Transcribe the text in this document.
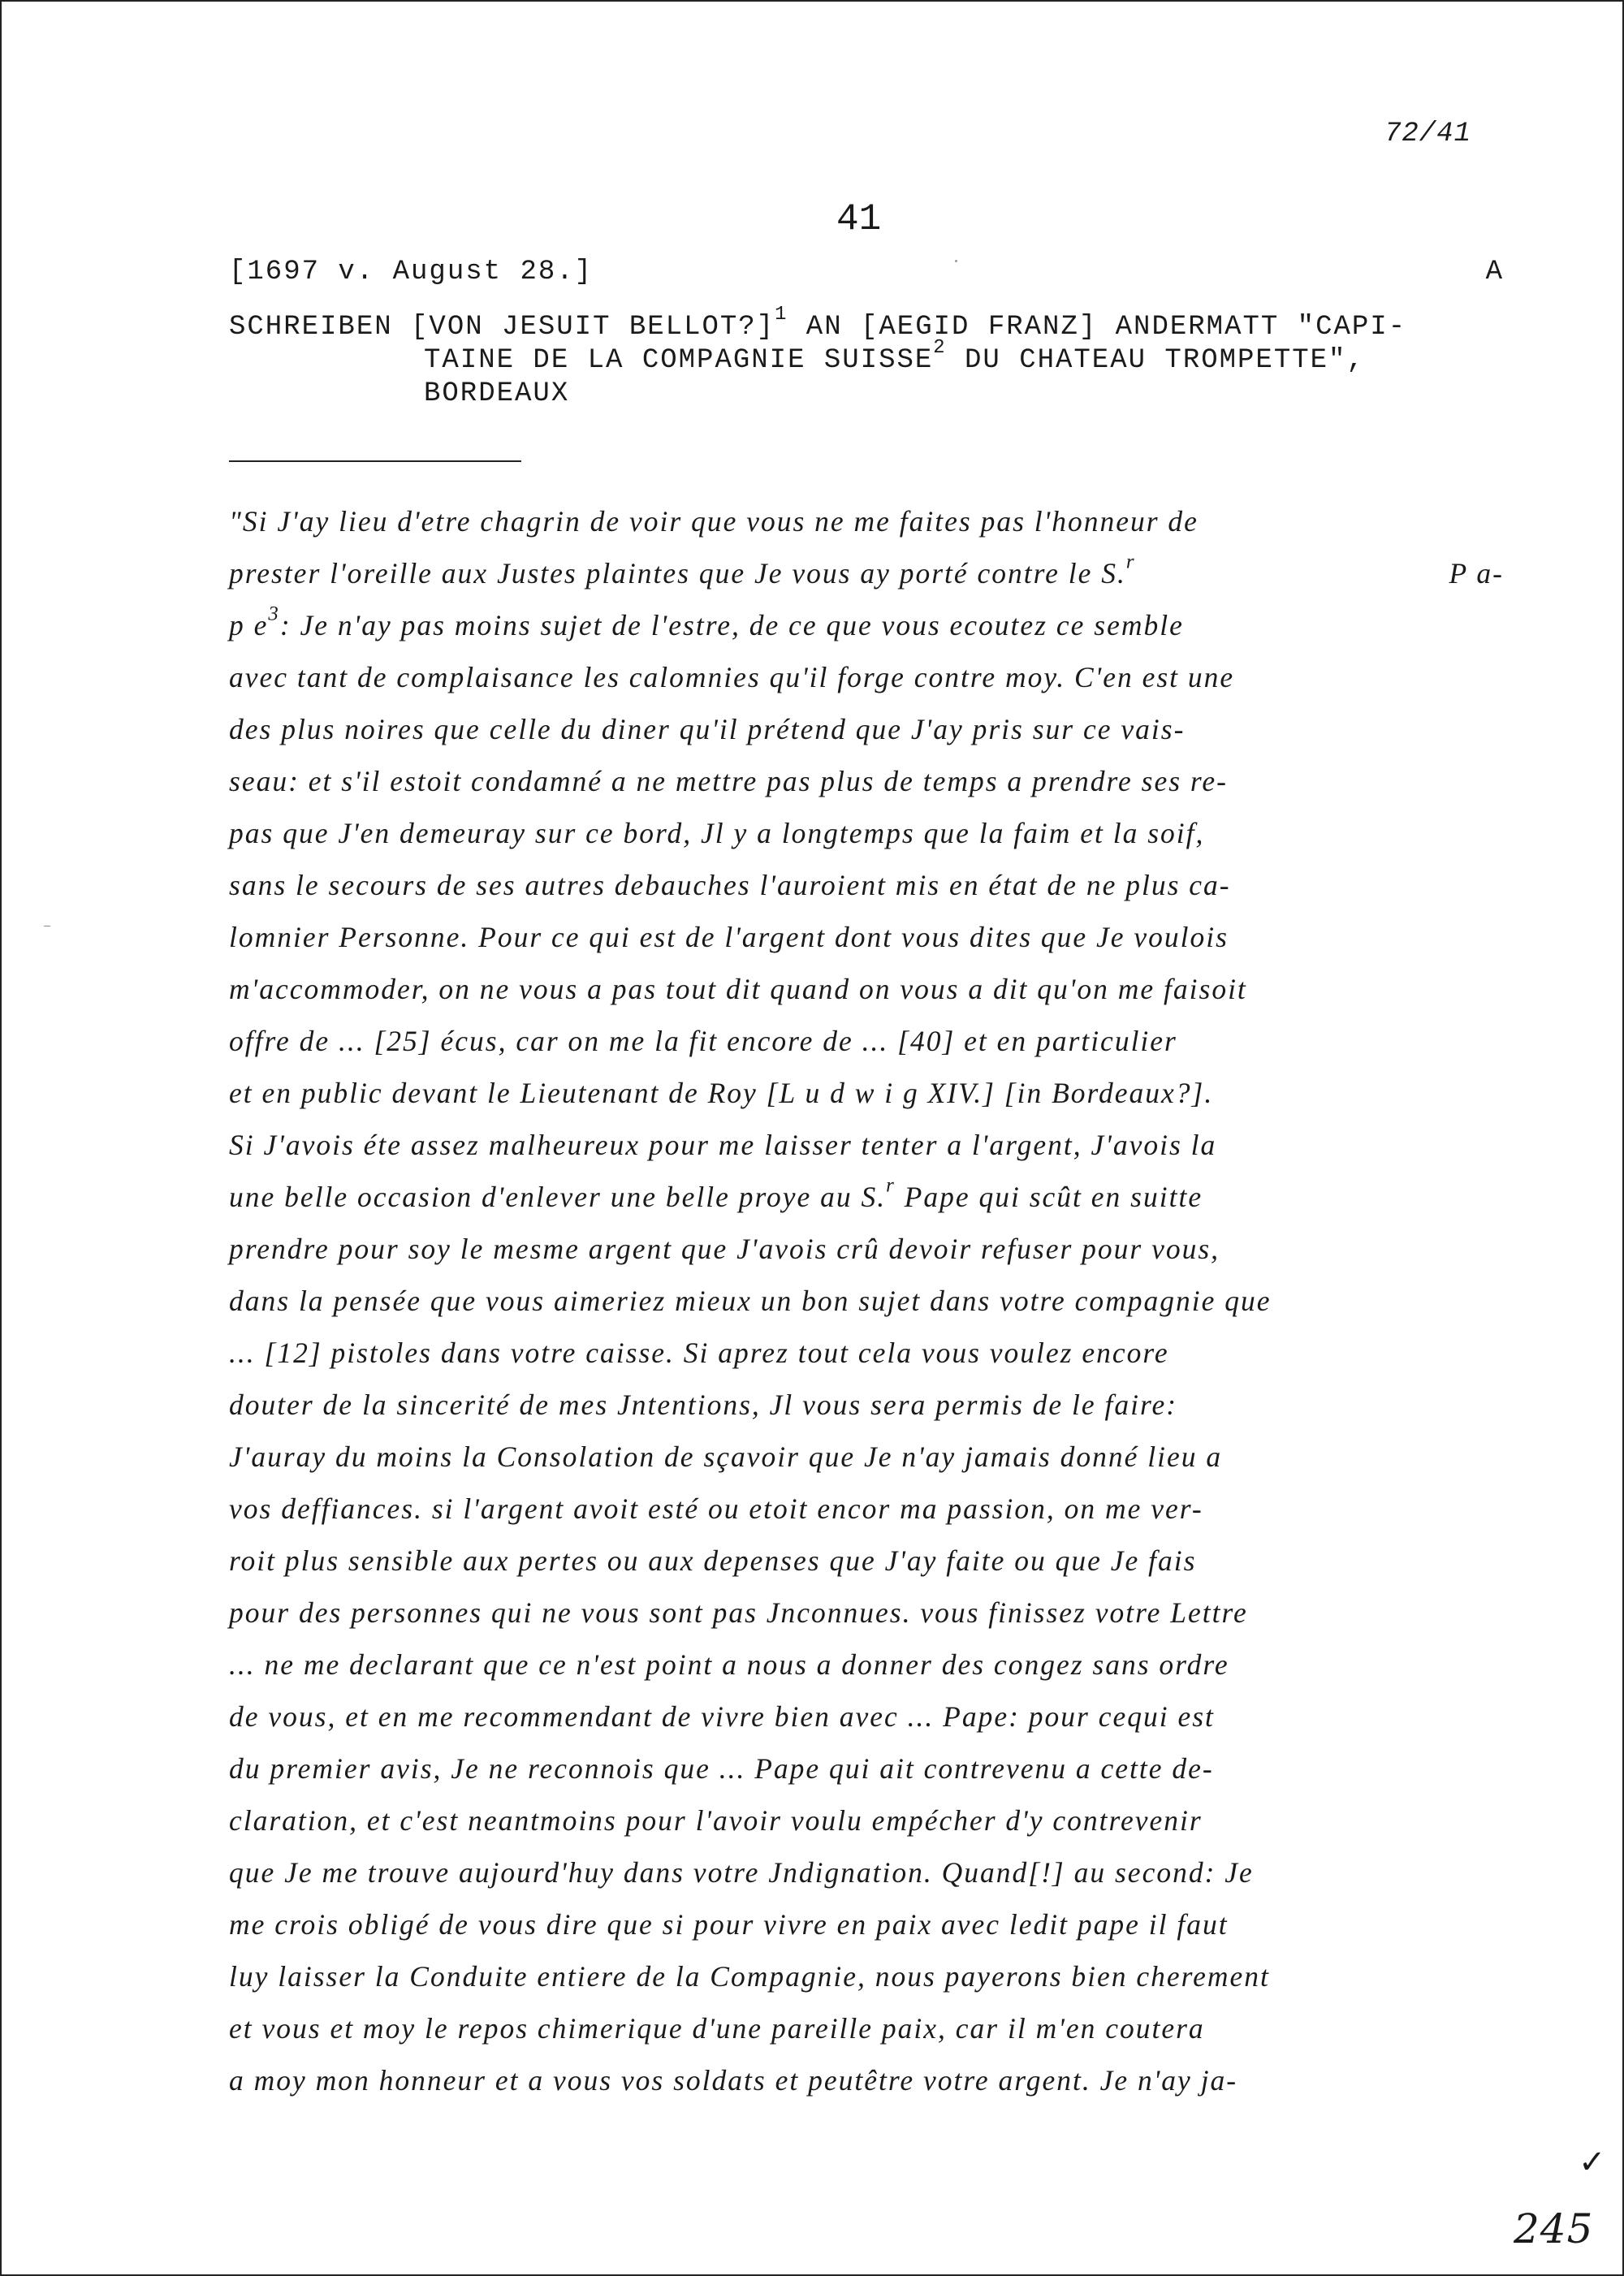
72/41
41
[1697 v. August 28.]	A
SCHREIBEN [VON JESUIT BELLOT?]$^1$ AN [AEGID FRANZ] ANDERMATT "CAPI-
TAINE DE LA COMPAGNIE SUISSE$^2$ DU CHATEAU TROMPETTE",
BORDEAUX
"Si J'ay lieu d'etre chagrin de voir que vous ne me faites pas l'honneur de
prester l'oreille aux Justes plaintes que Je vous ay porté contre le S.$^r$	P a-
p $e^3$: Je n'ay pas moins sujet de l'estre, de ce que vous ecoutez ce semble
avec tant de complaisance les calomnies qu'il forge contre moy. C'en est une
des plus noires que celle du diner qu'il prétend que J'ay pris sur ce vais-
seau: et s'il estoit condamné a ne mettre pas plus de temps a prendre ses re-
pas que J'en demeuray sur ce bord, Jl y a longtemps que la faim et la soif,
sans le secours de ses autres debauches l'auroient mis en état de ne plus ca-
lomnier Personne. Pour ce qui est de l'argent dont vous dites que Je voulois
m'accommoder, on ne vous a pas tout dit quand on vous a dit qu'on me faisoit
offre de ... [25] écus, car on me la fit encore de ... [40] et en particulier
et en public devant le Lieutenant de Roy [L u d w i g XIV.] [in Bordeaux?].
Si J'avois éte assez malheureux pour me laisser tenter a l'argent, J'avois la
une belle occasion d'enlever une belle proye au S.$^r$ Pape qui scût en suitte
prendre pour soy le mesme argent que J'avois crû devoir refuser pour vous,
dans la pensée que vous aimeriez mieux un bon sujet dans votre compagnie que
... [12] pistoles dans votre caisse. Si aprez tout cela vous voulez encore
douter de la sincerité de mes Jntentions, Jl vous sera permis de le faire:
J'auray du moins la Consolation de sçavoir que Je n'ay jamais donné lieu a
vos deffiances. si l'argent avoit esté ou etoit encor ma passion, on me ver-
roit plus sensible aux pertes ou aux depenses que J'ay faite ou que Je fais
pour des personnes qui ne vous sont pas Jnconnues. vous finissez votre Lettre
... ne me declarant que ce n'est point a nous a donner des congez sans ordre
de vous, et en me recommendant de vivre bien avec ... Pape: pour cequi est
du premier avis, Je ne reconnois que ... Pape qui ait contrevenu a cette de-
claration, et c'est neantmoins pour l'avoir voulu empécher d'y contrevenir
que Je me trouve aujourd'huy dans votre Jndignation. Quand[!] au second: Je
me crois obligé de vous dire que si pour vivre en paix avec ledit pape il faut
luy laisser la Conduite entiere de la Compagnie, nous payerons bien cherement
et vous et moy le repos chimerique d'une pareille paix, car il m'en coutera
a moy mon honneur et a vous vos soldats et peutêtre votre argent. Je n'ay ja-
✓
245
